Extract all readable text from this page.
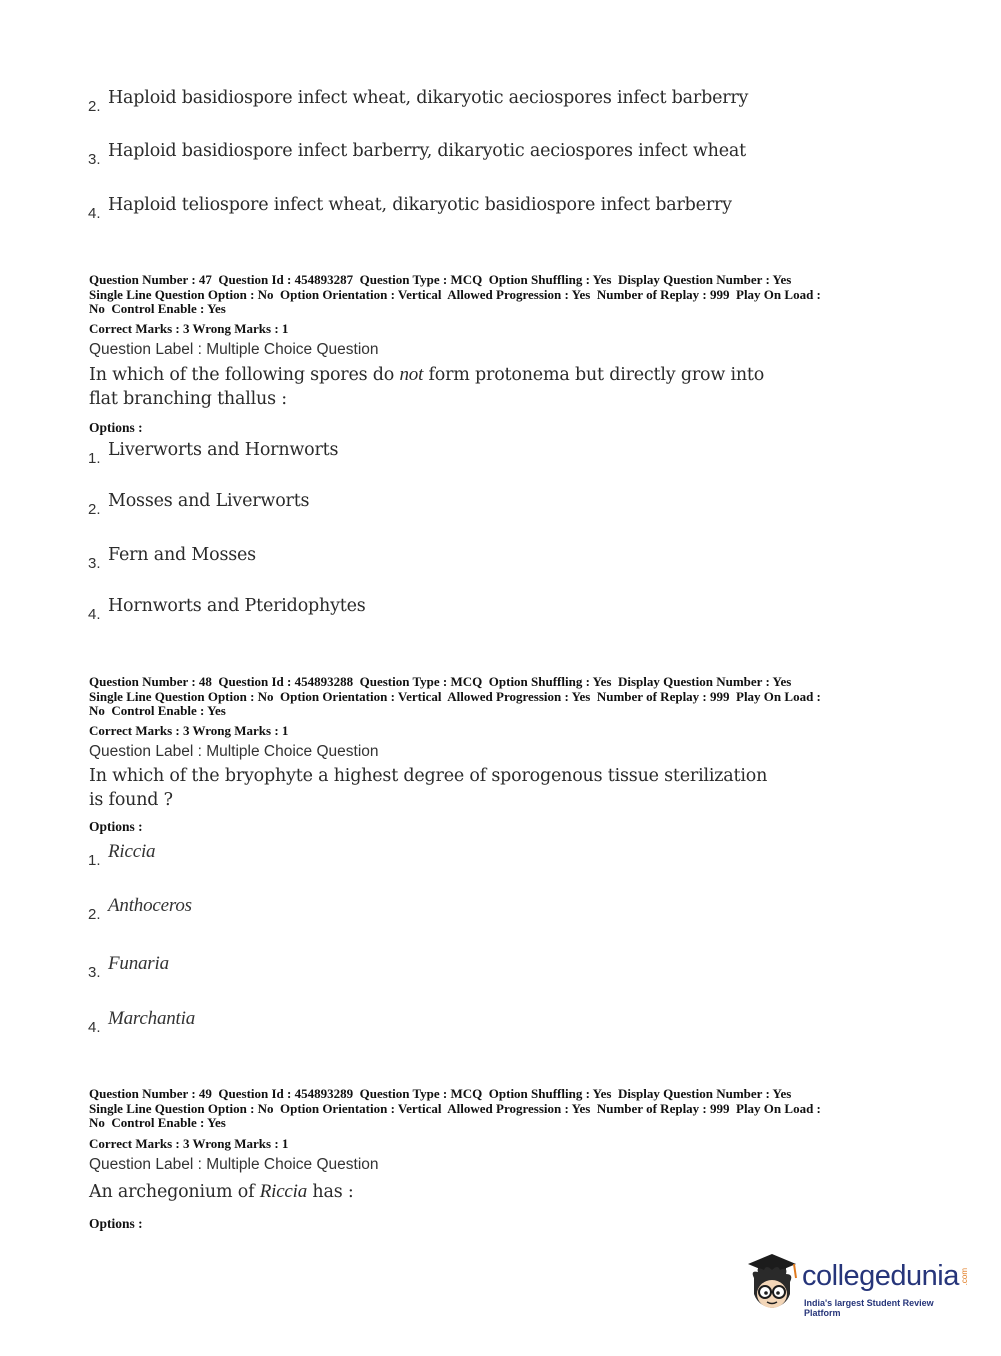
2. Haploid basidiospore infect wheat, dikaryotic aeciospores infect barberry
3. Haploid basidiospore infect barberry, dikaryotic aeciospores infect wheat
4. Haploid teliospore infect wheat, dikaryotic basidiospore infect barberry
Question Number : 47  Question Id : 454893287  Question Type : MCQ  Option Shuffling : Yes  Display Question Number : Yes
Single Line Question Option : No  Option Orientation : Vertical  Allowed Progression : Yes  Number of Replay : 999  Play On Load :
No  Control Enable : Yes
Correct Marks : 3 Wrong Marks : 1
Question Label : Multiple Choice Question
In which of the following spores do not form protonema but directly grow into
flat branching thallus :
Options :
1. Liverworts and Hornworts
2. Mosses and Liverworts
3. Fern and Mosses
4. Hornworts and Pteridophytes
Question Number : 48  Question Id : 454893288  Question Type : MCQ  Option Shuffling : Yes  Display Question Number : Yes
Single Line Question Option : No  Option Orientation : Vertical  Allowed Progression : Yes  Number of Replay : 999  Play On Load :
No  Control Enable : Yes
Correct Marks : 3 Wrong Marks : 1
Question Label : Multiple Choice Question
In which of the bryophyte a highest degree of sporogenous tissue sterilization
is found ?
Options :
1. Riccia
2. Anthoceros
3. Funaria
4. Marchantia
Question Number : 49  Question Id : 454893289  Question Type : MCQ  Option Shuffling : Yes  Display Question Number : Yes
Single Line Question Option : No  Option Orientation : Vertical  Allowed Progression : Yes  Number of Replay : 999  Play On Load :
No  Control Enable : Yes
Correct Marks : 3 Wrong Marks : 1
Question Label : Multiple Choice Question
An archegonium of Riccia has :
Options :
collegedunia .com
India's largest Student Review Platform
